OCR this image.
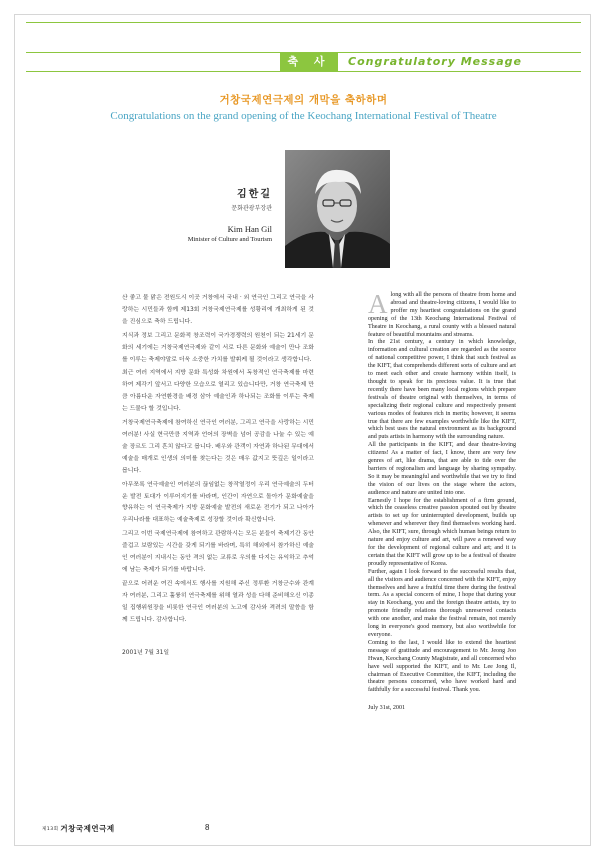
축 사	Congratulatory Message
거창국제연극제의 개막을 축하하며
Congratulations on the grand opening of the Keochang International Festival of Theatre
김한길
문화관광부장관
Kim Han Gil
Minister of Culture and Tourism

산 좋고 물 맑은 전원도시 이곳 거창에서 국내 · 외 연극인 그리고 연극을 사랑하는 시민들과 함께 제13회 거창국제연극제를 성황리에 개최하게 된 것을 진심으로 축하 드립니다.

지식과 정보 그리고 문화적 창조력이 국가경쟁력의 원천이 되는 21세기 문화의 세기에는 거창국제연극제와 같이 서로 다른 문화와 예술이 만나 조화를 이루는 축제야말로 더욱 소중한 가치를 발휘케 될 것이라고 생각합니다.

최근 여러 지역에서 지방 문화 특성화 차원에서 독창적인 연극축제를 마련하여 제각기 앞서고 다양한 모습으로 열리고 있습니다만, 거창 연극축제 만큼 아름다운 자연환경을 배경 삼아 예술인과 하나되는 조화를 이루는 축제는 드물다 할 것입니다.

거창국제연극축제에 참여하신 연극인 여러분, 그리고 연극을 사랑하는 시민 여러분! 사실 현극만큼 지역과 언어의 장벽을 넘어 공감을 나눌 수 있는 예술 장르도 그리 흔치 않다고 봅니다. 배우와 관객이 자연과 하나된 무대에서 예술을 매개로 인생의 의미를 찾는다는 것은 매우 값지고 뜻깊은 일이라고 봅니다.

아무쪼록 연극예술인 여러분의 끊임없는 창작열정이 우리 연극예술의 두터운 발전 토대가 이루어지기를 바라며, 인간이 자연으로 돌아가 문화예술을 향유하는 이 연극축제가 지방 문화예술 발전의 새로운 전기가 되고 나아가 우리나라를 대표하는 예술축제로 성장할 것이라 확신합니다.

그리고 이번 국제연극제에 참여하고 관람하시는 모든 분들이 축제기간 동안 즐겁고 보람있는 시간을 갖게 되기를 바라며, 특히 해외에서 참가하신 예술인 여러분이 지내시는 동안 격의 없는 교류로 우의를 다지는 유익하고 추억에 남는 축제가 되기를 바랍니다.

끝으로 어려운 여건 속에서도 행사를 지원해 주신 정루환 거창군수와 관계자 여러분, 그리고 훌륭히 연극축제를 위해 열과 성을 다해 준비해오신 이종일 집행위원장을 비롯한 연극인 여러분의 노고에 감사와 격려의 말씀을 함께 드립니다. 감사합니다.

2001년 7월 31일

Along with all the persons of theatre from home and abroad and theatre-loving citizens, I would like to proffer my heartiest congratulations on the grand opening of the 13th Keochang International Festival of Theatre in Keochang, a rural county with a blessed natural feature of beautiful mountains and streams.

In the 21st century, a century in which knowledge, information and cultural creation are regarded as the source of national competitive power, I think that such festival as the KIFT, that comprehends different sorts of culture and art to meet each other and create harmony within itself, is thought to speak for its precious value. It is true that recently there have been many local regions which prepare festivals of theatre original with themselves, in terms of specializing their regional culture and respectively present various modes of features rich in merits; however, it seems true that there are few examples worthwhile like the KIFT, which best uses the natural environment as its background and puts artists in harmony with the surrounding nature.

All the participants in the KIFT, and dear theatre-loving citizens! As a matter of fact, I know, there are very few genres of art, like drama, that are able to tide over the barriers of regionalism and language by sharing sympathy. So it may be meaningful and worthwhile that we try to find the vision of our lives on the stage where the actors, audience and nature are united into one.

Earnestly I hope for the establishment of a firm ground, which the ceaseless creative passion spouted out by theatre artists to set up for uninterrupted development, builds up whenever and wherever they find themselves working hard. Also, the KIFT, sure, through which human beings return to nature and enjoy culture and art, will pave a renewed way for the development of regional culture and art; and it is certain that the KIFT will grow up to be a festival of theatre proudly representative of Korea.

Further, again I look forward to the successful results that, all the visitors and audience concerned with the KIFT, enjoy themselves and have a fruitful time there during the festival term. As a special concern of mine, I hope that during your stay in Keochang, you and the foreign theatre artists, try to promote friendly relations thorough unreserved contacts with one another, and make the festival remain, not merely long in everyone's good memory, but also worthwhile for everyone.

Coming to the last, I would like to extend the heartiest message of gratitude and encouragement to Mr. Jeong Joo Hwan, Keochang County Magistrate, and all concerned who have well supported the KIFT, and to Mr. Lee Jong Il, chairman of Executive Committee, the KIFT, including the theatre persons concerned, who have worked hard and faithfully for a successful festival. Thank you.

July 31st, 2001

제13회 거창국제연극제	8
